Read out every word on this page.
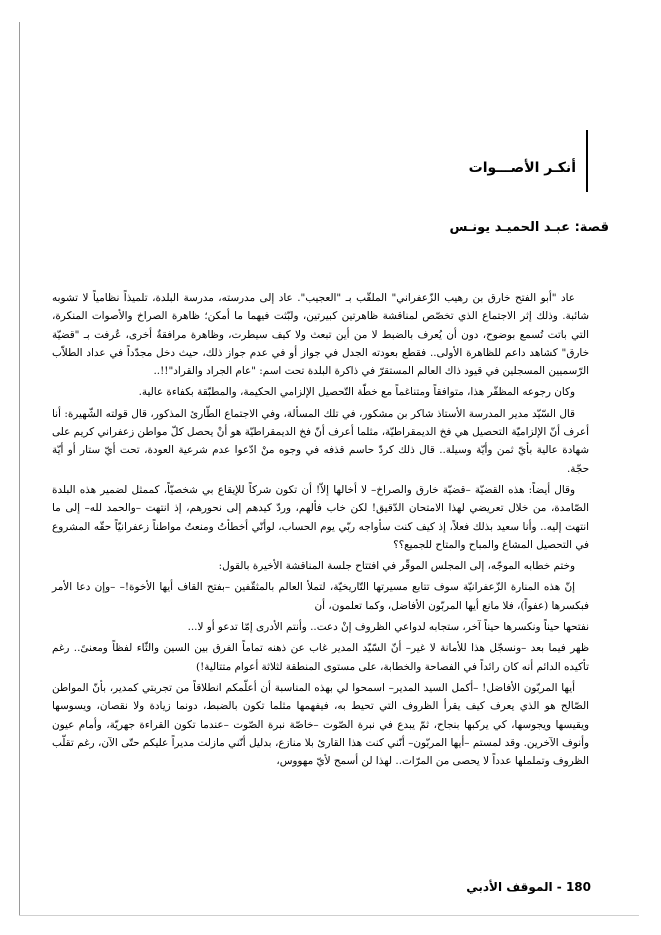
أنكـر الأصـــوات
قصة: عبـد الحميـد يونـس

عاد "أبو الفتح خارق بن رهيب الزّعفراني" الملقّب بـ "العجيب". عاد إلى مدرسته، مدرسة البلدة، تلميذاً نظامياً لا تشوبه شائبة. وذلك إثر الاجتماع الذي تخصّص لمناقشة ظاهرتين كبيرتين، ولبّثت فيهما ما أمكن؛ ظاهرة الصراخ والأصوات المنكرة، التي باتت تُسمع بوضوح، دون أن يُعرف بالضبط لا من أين تبعث ولا كيف سيطرت، وظاهرة مرافقةٌ أخرى، عُرفت بـ "قضيّة خارق" كشاهد داعم للظاهرة الأولى.. فقطع بعودته الجدل في جواز أو في عدم جواز ذلك، حيث دخل مجدّداً في عداد الطلاّب الرّسميين المسجلين في قيود ذاك العالم المستقرّ في ذاكرة البلدة تحت اسم: "عام الجراد والقراد"!!..

وكان رجوعه المظفّر هذا، متوافقاً ومتناغماً مع خطّة التّحصيل الإلزامي الحكيمة، والمطبّقة بكفاءة عالية.

قال السّيّد مدير المدرسة الأستاذ شاكر بن مشكور، في تلك المسألة، وفي الاجتماع الطّارئ المذكور، قال قولته الشّهيرة: أنا أعرف أنّ الإلزاميّة التحصيل هي فخ الديمقراطيّة، مثلما أعرف أنّ فخ الديمقراطيّة هو أنْ يحصل كلّ مواطن زعفراني كريم على شهادة عالية بأيّ ثمن وأيّة وسيلة.. قال ذلك كردّ حاسم قذفه في وجوه منْ ادّعوا عدم شرعية العودة، تحت أيّ ستار أو أيّة حجّة.

وقال أيضاً: هذه القضيّة –قضيّة خارق والصراخ– لا أخالها إلاّ! أن تكون شركاً للإيقاع بي شخصيّاً، كممثل لضمير هذه البلدة الصّامدة، من خلال تعريضي لهذا الامتحان الدّقيق! لكن خاب فألهم، وردّ كيدهم إلى نحورهم، إذ انتهت –والحمد لله– إلى ما انتهت إليه.. وأنا سعيد بذلك فعلاً، إذ كيف كنت سأواجه ربّي يوم الحساب، لوأنّي أخطأتُ ومنعتُ مواطناً زعفرانيّاً حقّه المشروع في التحصيل المشاع والمباح والمتاح للجميع؟؟

وختم خطابه الموجّه، إلى المجلس الموقّر في افتتاح جلسة المناقشة الأخيرة بالقول:

إنّ هذه المنارة الزّعفرانيّة سوف تتابع مسيرتها التّاريخيّة، لتملأ العالم بالمثقّفين –بفتح القاف أيها الأخوة!– –وإن دعا الأمر فبكسرها (عفواً)، فلا مانع أيها المربّون الأفاضل، وكما تعلمون، أن

نفتحها حيناً ونكسرها حيناً آخر، ستجابه لدواعي الظروف إنْ دعت.. وأنتم الأدرى إمّا تدعو أو لا...

ظهر فيما بعد –ونسجّل هذا للأمانة لا غير– أنّ السّيّد المدير غاب عن ذهنه تماماً الفرق بين السين والثّاء لفظاً ومعنىً.. رغم تأكيده الدائم أنه كان رائداً في الفصاحة والخطابة، على مستوى المنطقة لثلاثة أعوام متتالية!)

أيها المربّون الأفاضل! –أكمل السيد المدير– اسمحوا لي بهذه المناسبة أن أعلّمكم انطلاقاً من تجربتي كمدير، بأنّ المواطن الصّالح هو الذي يعرف كيف يقرأ الظروف التي تحيط به، فيفهمها مثلما تكون بالضبط، دونما زيادة ولا نقصان، ويسوسها ويقيسها ويجوسها، كي يركبها بنجاح، ثمّ يبدع في نبرة الصّوت –خاصّة نبرة الصّوت –عندما تكون القراءة جهريّة، وأمام عيون وأنوف الآخرين. وقد لمستم –أيها المربّون– أنّني كنت هذا القارئ بلا منازع، بدليل أنّني مازلت مديراً عليكم حتّى الآن، رغم تقلّب الظروف وتململها عدداً لا يحصى من المرّات.. لهذا لن أسمح لأيّ مهووس،

180 - الموقف الأدبي
